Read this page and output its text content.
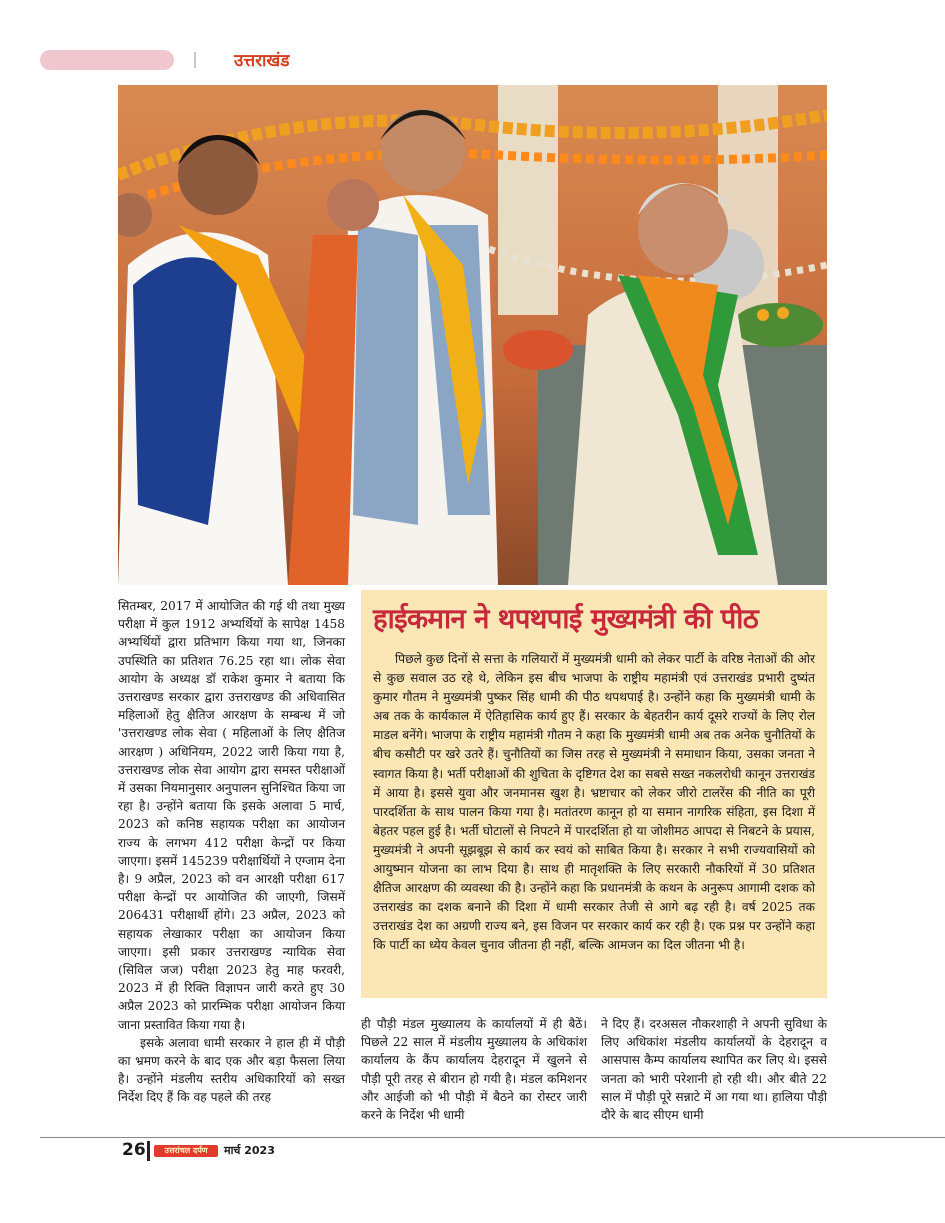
उत्तराखंड

सितम्बर, 2017 में आयोजित की गई थी तथा मुख्य परीक्षा में कुल 1912 अभ्यर्थियों के सापेक्ष 1458 अभ्यर्थियों द्वारा प्रतिभाग किया गया था, जिनका उपस्थिति का प्रतिशत 76.25 रहा था। लोक सेवा आयोग के अध्यक्ष डॉ राकेश कुमार ने बताया कि उत्तराखण्ड सरकार द्वारा उत्तराखण्ड की अधिवासित महिलाओं हेतु क्षैतिज आरक्षण के सम्बन्ध में जो 'उत्तराखण्ड लोक सेवा ( महिलाओं के लिए क्षैतिज आरक्षण ) अधिनियम, 2022 जारी किया गया है, उत्तराखण्ड लोक सेवा आयोग द्वारा समस्त परीक्षाओं में उसका नियमानुसार अनुपालन सुनिश्चित किया जा रहा है। उन्होंने बताया कि इसके अलावा 5 मार्च, 2023 को कनिष्ठ सहायक परीक्षा का आयोजन राज्य के लगभग 412 परीक्षा केन्द्रों पर किया जाएगा। इसमें 145239 परीक्षार्थियों ने एग्जाम देना है। 9 अप्रैल, 2023 को वन आरक्षी परीक्षा 617 परीक्षा केन्द्रों पर आयोजित की जाएगी, जिसमें 206431 परीक्षार्थी होंगे। 23 अप्रैल, 2023 को सहायक लेखाकार परीक्षा का आयोजन किया जाएगा। इसी प्रकार उत्तराखण्ड न्यायिक सेवा (सिविल जज) परीक्षा 2023 हेतु माह फरवरी, 2023 में ही रिक्ति विज्ञापन जारी करते हुए 30 अप्रैल 2023 को प्रारम्भिक परीक्षा आयोजन किया जाना प्रस्तावित किया गया है।

इसके अलावा धामी सरकार ने हाल ही में पौड़ी का भ्रमण करने के बाद एक और बड़ा फैसला लिया है। उन्होंने मंडलीय स्तरीय अधिकारियों को सख्त निर्देश दिए हैं कि वह पहले की तरह

हाईकमान ने थपथपाई मुख्यमंत्री की पीठ
पिछले कुछ दिनों से सत्ता के गलियारों में मुख्यमंत्री धामी को लेकर पार्टी के वरिष्ठ नेताओं की ओर से कुछ सवाल उठ रहे थे, लेकिन इस बीच भाजपा के राष्ट्रीय महामंत्री एवं उत्तराखंड प्रभारी दुष्यंत कुमार गौतम ने मुख्यमंत्री पुष्कर सिंह धामी की पीठ थपथपाई है। उन्होंने कहा कि मुख्यमंत्री धामी के अब तक के कार्यकाल में ऐतिहासिक कार्य हुए हैं। सरकार के बेहतरीन कार्य दूसरे राज्यों के लिए रोल माडल बनेंगे। भाजपा के राष्ट्रीय महामंत्री गौतम ने कहा कि मुख्यमंत्री धामी अब तक अनेक चुनौतियों के बीच कसौटी पर खरे उतरे हैं। चुनौतियों का जिस तरह से मुख्यमंत्री ने समाधान किया, उसका जनता ने स्वागत किया है। भर्ती परीक्षाओं की शुचिता के दृष्टिगत देश का सबसे सख्त नकलरोधी कानून उत्तराखंड में आया है। इससे युवा और जनमानस खुश है। भ्रष्टाचार को लेकर जीरो टालरेंस की नीति का पूरी पारदर्शिता के साथ पालन किया गया है। मतांतरण कानून हो या समान नागरिक संहिता, इस दिशा में बेहतर पहल हुई है। भर्ती घोटालों से निपटने में पारदर्शिता हो या जोशीमठ आपदा से निबटने के प्रयास, मुख्यमंत्री ने अपनी सूझबूझ से कार्य कर स्वयं को साबित किया है। सरकार ने सभी राज्यवासियों को आयुष्मान योजना का लाभ दिया है। साथ ही मातृशक्ति के लिए सरकारी नौकरियों में 30 प्रतिशत क्षैतिज आरक्षण की व्यवस्था की है। उन्होंने कहा कि प्रधानमंत्री के कथन के अनुरूप आगामी दशक को उत्तराखंड का दशक बनाने की दिशा में धामी सरकार तेजी से आगे बढ़ रही है। वर्ष 2025 तक उत्तराखंड देश का अग्रणी राज्य बने, इस विजन पर सरकार कार्य कर रही है। एक प्रश्न पर उन्होंने कहा कि पार्टी का ध्येय केवल चुनाव जीतना ही नहीं, बल्कि आमजन का दिल जीतना भी है।
ही पौड़ी मंडल मुख्यालय के कार्यालयों में ही बैठें। पिछले 22 साल में मंडलीय मुख्यालय के अधिकांश कार्यालय के कैंप कार्यालय देहरादून में खुलने से पौड़ी पूरी तरह से बीरान हो गयी है। मंडल कमिशनर और आईजी को भी पौड़ी में बैठने का रोस्टर जारी करने के निर्देश भी धामी
ने दिए हैं। दरअसल नौकरशाही ने अपनी सुविधा के लिए अधिकांश मंडलीय कार्यालयों के देहरादून व आसपास कैम्प कार्यालय स्थापित कर लिए थे। इससे जनता को भारी परेशानी हो रही थी। और बीते 22 साल में पौड़ी पूरे सन्नाटे में आ गया था। हालिया पौड़ी दौरे के बाद सीएम धामी
26	उत्तरांचल दर्पण	मार्च 2023
